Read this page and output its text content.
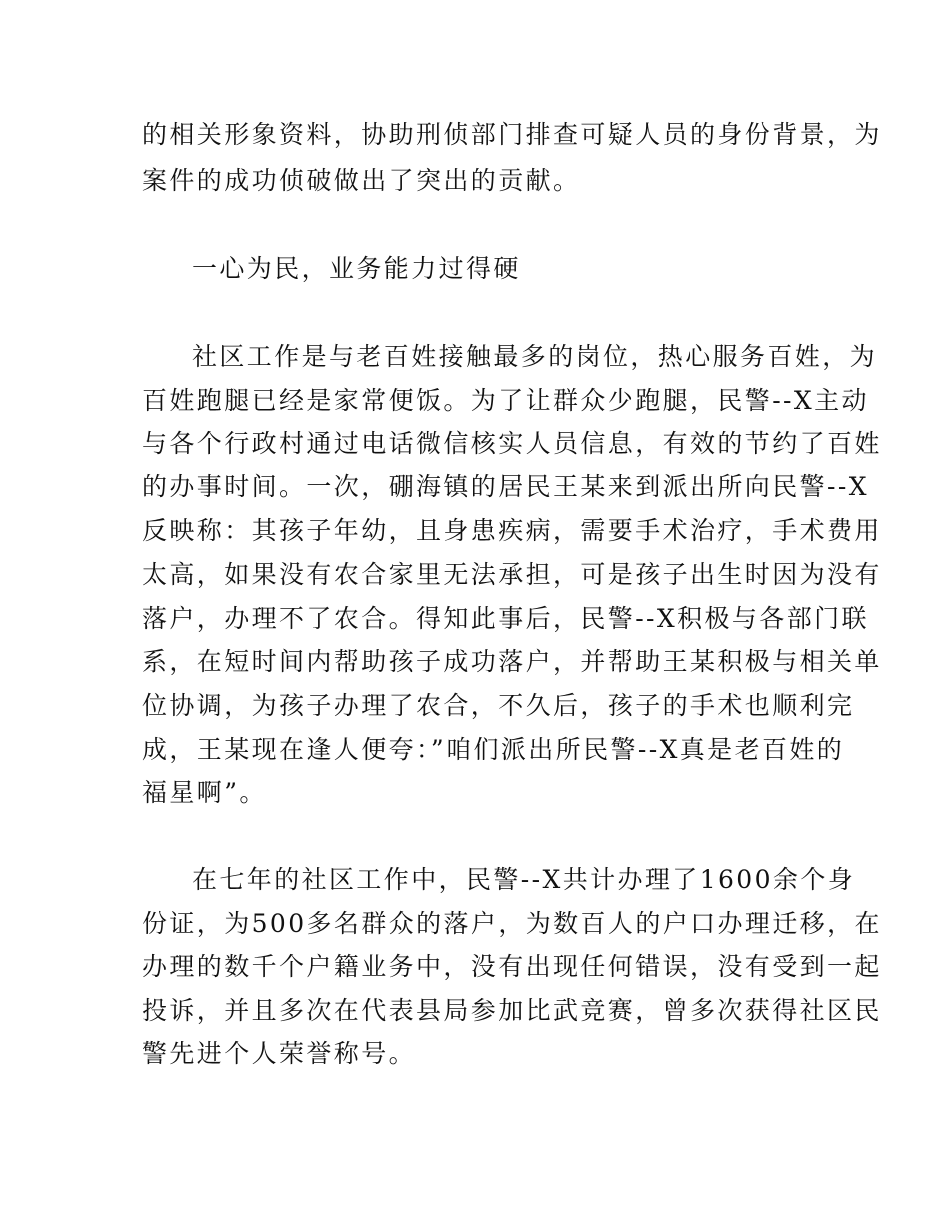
的相关形象资料，协助刑侦部门排查可疑人员的身份背景，为
案件的成功侦破做出了突出的贡献。
一心为民，业务能力过得硬
社区工作是与老百姓接触最多的岗位，热心服务百姓，为
百姓跑腿已经是家常便饭。为了让群众少跑腿，民警--X主动
与各个行政村通过电话微信核实人员信息，有效的节约了百姓
的办事时间。一次，硼海镇的居民王某来到派出所向民警--X
反映称：其孩子年幼，且身患疾病，需要手术治疗，手术费用
太高，如果没有农合家里无法承担，可是孩子出生时因为没有
落户，办理不了农合。得知此事后，民警--X积极与各部门联
系，在短时间内帮助孩子成功落户，并帮助王某积极与相关单
位协调，为孩子办理了农合，不久后，孩子的手术也顺利完
成，王某现在逢人便夸：”咱们派出所民警--X真是老百姓的
福星啊”。
在七年的社区工作中，民警--X共计办理了1600余个身
份证，为500多名群众的落户，为数百人的户口办理迁移，在
办理的数千个户籍业务中，没有出现任何错误，没有受到一起
投诉，并且多次在代表县局参加比武竞赛，曾多次获得社区民
警先进个人荣誉称号。
